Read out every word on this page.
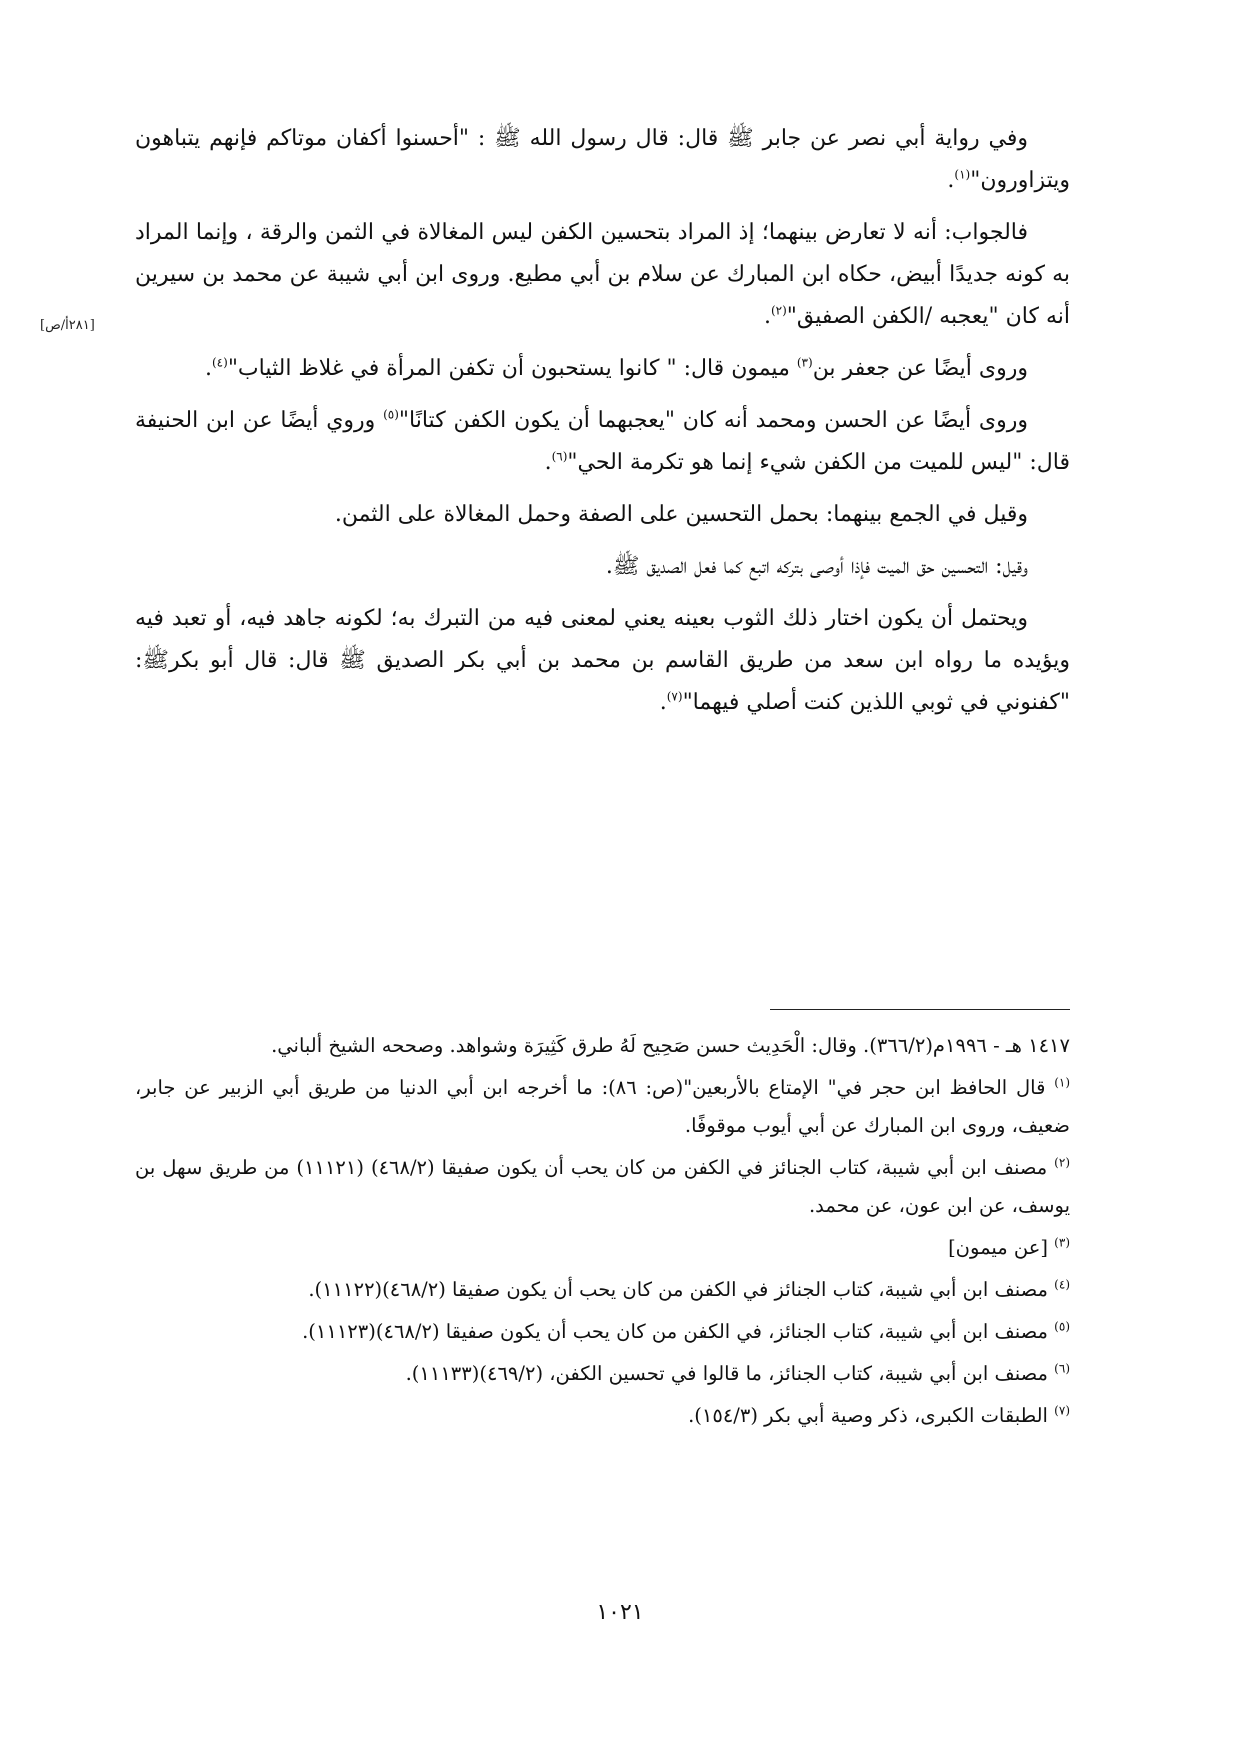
[٢٨١أ/ص]

وفي رواية أبي نصر عن جابر ﷺ قال: قال رسول الله ﷺ : "أحسنوا أكفان موتاكم فإنهم يتباهون ويتزاورون"$^{(١)}$.

فالجواب: أنه لا تعارض بينهما؛ إذ المراد بتحسين الكفن ليس المغالاة في الثمن والرقة ، وإنما المراد به كونه جديدًا أبيض، حكاه ابن المبارك عن سلام بن أبي مطيع. وروى ابن أبي شيبة عن محمد بن سيرين أنه كان "يعجبه /الكفن الصفيق"$^{(٢)}$.

وروى أيضًا عن جعفر بن$^{(٣)}$ ميمون قال: " كانوا يستحبون أن تكفن المرأة في غلاظ الثياب"$^{(٤)}$.

وروى أيضًا عن الحسن ومحمد أنه كان "يعجبهما أن يكون الكفن كتانًا"$^{(٥)}$ وروي أيضًا عن ابن الحنيفة قال: "ليس للميت من الكفن شيء إنما هو تكرمة الحي"$^{(٦)}$.

وقيل في الجمع بينهما: بحمل التحسين على الصفة وحمل المغالاة على الثمن.

وقيل: التحسين حق الميت فإذا أوصى بتركه اتبع كما فعل الصديق ﷺ.

ويحتمل أن يكون اختار ذلك الثوب بعينه يعني لمعنى فيه من التبرك به؛ لكونه جاهد فيه، أو تعبد فيه ويؤيده ما رواه ابن سعد من طريق القاسم بن محمد بن أبي بكر الصديق ﷺ قال: قال أبو بكرﷺ: "كفنوني في ثوبي اللذين كنت أصلي فيهما"$^{(٧)}$.

١٤١٧ هـ - ١٩٩٦م(٣٦٦/٢). وقال: الْحَدِيث حسن صَحِيح لَهُ طرق كَثِيرَة وشواهد. وصححه الشيخ ألباني.

$^{(١)}$ قال الحافظ ابن حجر في" الإمتاع بالأربعين"(ص: ٨٦): ما أخرجه ابن أبي الدنيا من طريق أبي الزبير عن جابر، ضعيف، وروى ابن المبارك عن أبي أيوب موقوفًا.

$^{(٢)}$ مصنف ابن أبي شيبة، كتاب الجنائز في الكفن من كان يحب أن يكون صفيقا (٤٦٨/٢) (١١١٢١) من طريق سهل بن يوسف، عن ابن عون، عن محمد.

$^{(٣)}$ [عن ميمون]

$^{(٤)}$ مصنف ابن أبي شيبة، كتاب الجنائز في الكفن من كان يحب أن يكون صفيقا (٤٦٨/٢)(١١١٢٢).

$^{(٥)}$ مصنف ابن أبي شيبة، كتاب الجنائز، في الكفن من كان يحب أن يكون صفيقا (٤٦٨/٢)(١١١٢٣).

$^{(٦)}$ مصنف ابن أبي شيبة، كتاب الجنائز، ما قالوا في تحسين الكفن، (٤٦٩/٢)(١١١٣٣).

$^{(٧)}$ الطبقات الكبرى، ذكر وصية أبي بكر (١٥٤/٣).

١٠٢١
